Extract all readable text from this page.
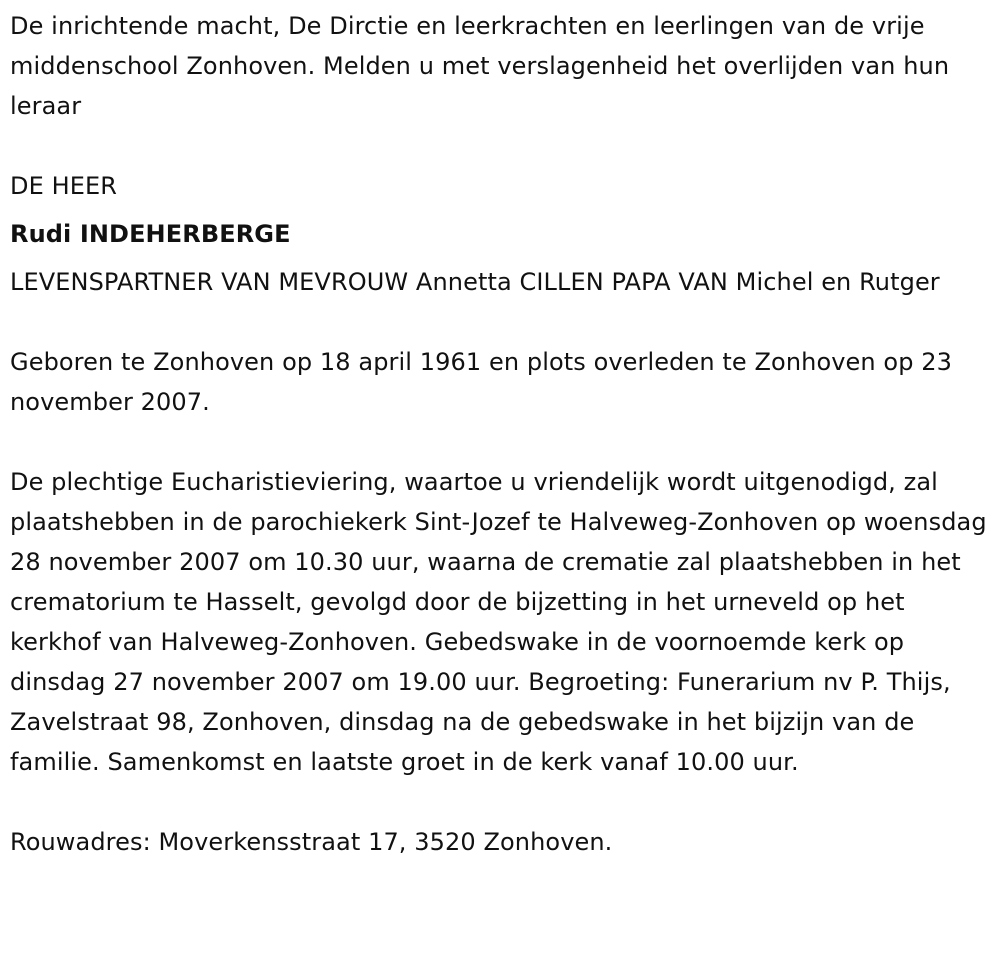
De inrichtende macht, De Dirctie en leerkrachten en leerlingen van de vrije middenschool Zonhoven. Melden u met verslagenheid het overlijden van hun leraar

DE HEER

Rudi INDEHERBERGE

LEVENSPARTNER VAN MEVROUW Annetta CILLEN PAPA VAN Michel en Rutger

Geboren te Zonhoven op 18 april 1961 en plots overleden te Zonhoven op 23 november 2007.

De plechtige Eucharistieviering, waartoe u vriendelijk wordt uitgenodigd, zal plaatshebben in de parochiekerk Sint-Jozef te Halveweg-Zonhoven op woensdag 28 november 2007 om 10.30 uur, waarna de crematie zal plaatshebben in het crematorium te Hasselt, gevolgd door de bijzetting in het urneveld op het kerkhof van Halveweg-Zonhoven. Gebedswake in de voornoemde kerk op dinsdag 27 november 2007 om 19.00 uur. Begroeting: Funerarium nv P. Thijs, Zavelstraat 98, Zonhoven, dinsdag na de gebedswake in het bijzijn van de familie. Samenkomst en laatste groet in de kerk vanaf 10.00 uur.

Rouwadres: Moverkensstraat 17, 3520 Zonhoven.
